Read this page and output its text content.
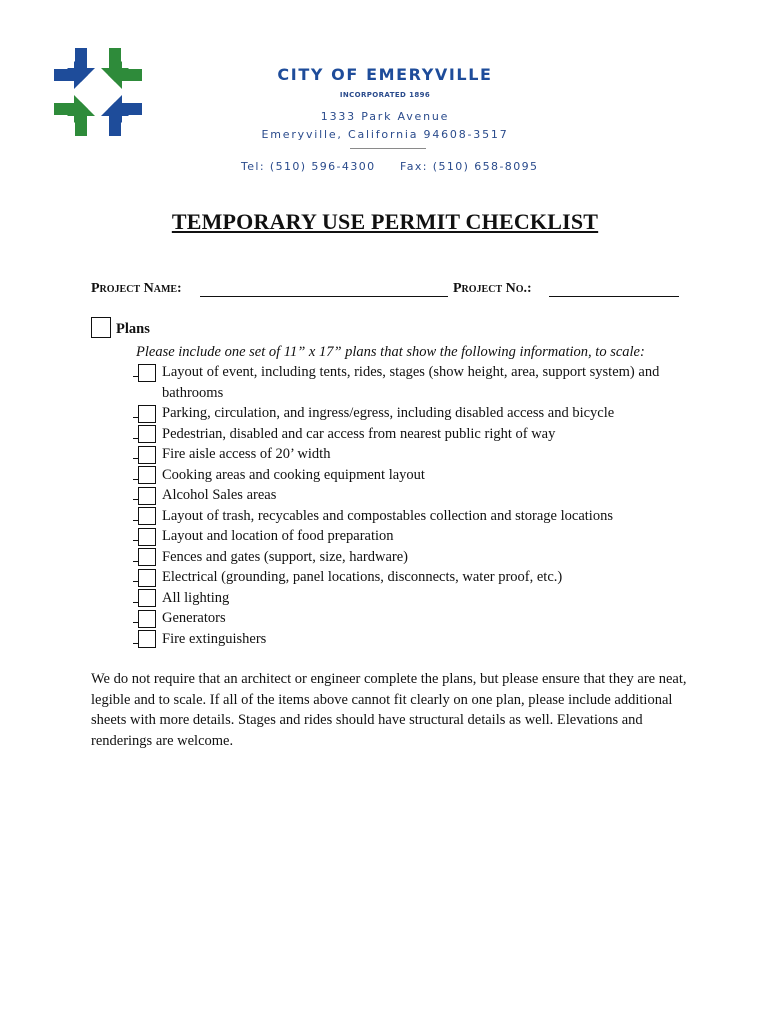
CITY OF EMERYVILLE
INCORPORATED 1896
1333 Park Avenue
Emeryville, California 94608-3517
Tel: (510) 596-4300 Fax: (510) 658-8095
TEMPORARY USE PERMIT CHECKLIST
Project Name:	Project No.:
Plans
Please include one set of 11” x 17” plans that show the following information, to scale:
Layout of event, including tents, rides, stages (show height, area, support system) and bathrooms
Parking, circulation, and ingress/egress, including disabled access and bicycle
Pedestrian, disabled and car access from nearest public right of way
Fire aisle access of 20’ width
Cooking areas and cooking equipment layout
Alcohol Sales areas
Layout of trash, recycables and compostables collection and storage locations
Layout and location of food preparation
Fences and gates (support, size, hardware)
Electrical (grounding, panel locations, disconnects, water proof, etc.)
All lighting
Generators
Fire extinguishers
We do not require that an architect or engineer complete the plans, but please ensure that they are neat, legible and to scale. If all of the items above cannot fit clearly on one plan, please include additional sheets with more details. Stages and rides should have structural details as well. Elevations and renderings are welcome.
